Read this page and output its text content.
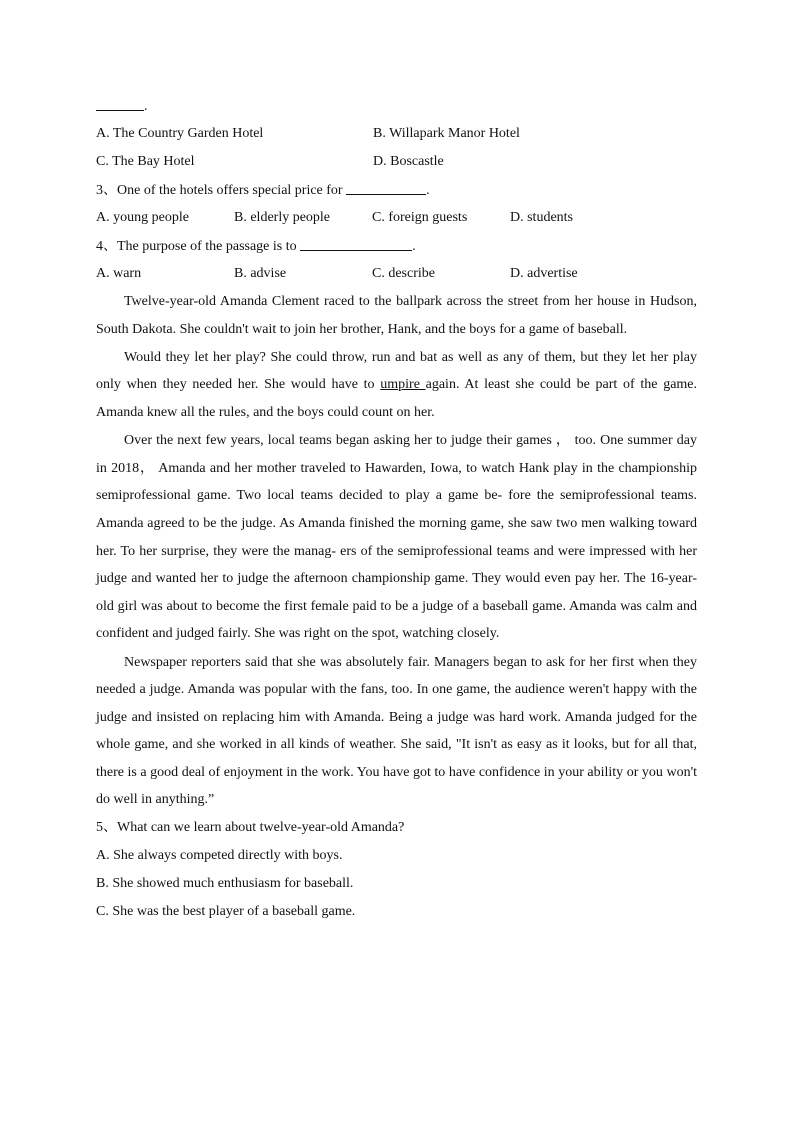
.
A. The Country Garden Hotel	B. Willapark Manor Hotel
C. The Bay Hotel	D. Boscastle
3、One of the hotels offers special price for	.
A. young people	B. elderly people	C. foreign guests	D. students
4、The purpose of the passage is to	.
A. warn	B. advise	C. describe	D. advertise

Twelve-year-old Amanda Clement raced to the ballpark across the street from her house in Hudson, South Dakota. She couldn't wait to join her brother, Hank, and the boys for a game of baseball.

Would they let her play? She could throw, run and bat as well as any of them, but they let her play only when they needed her. She would have to umpire again. At least she could be part of the game. Amanda knew all the rules, and the boys could count on her.

Over the next few years, local teams began asking her to judge their games ， too. One summer day in 2018， Amanda and her mother traveled to Hawarden, Iowa, to watch Hank play in the championship semiprofessional game. Two local teams decided to play a game be- fore the semiprofessional teams. Amanda agreed to be the judge. As Amanda finished the morning game, she saw two men walking toward her. To her surprise, they were the manag- ers of the semiprofessional teams and were impressed with her judge and wanted her to judge the afternoon championship game. They would even pay her. The 16-year-old girl was about to become the first female paid to be a judge of a baseball game. Amanda was calm and confident and judged fairly. She was right on the spot, watching closely.

Newspaper reporters said that she was absolutely fair. Managers began to ask for her first when they needed a judge. Amanda was popular with the fans, too. In one game, the audience weren't happy with the judge and insisted on replacing him with Amanda. Being a judge was hard work. Amanda judged for the whole game, and she worked in all kinds of weather. She said, "It isn't as easy as it looks, but for all that, there is a good deal of enjoyment in the work. You have got to have confidence in your ability or you won't do well in anything.”

5、What can we learn about twelve-year-old Amanda?
A. She always competed directly with boys.
B. She showed much enthusiasm for baseball.
C. She was the best player of a baseball game.
